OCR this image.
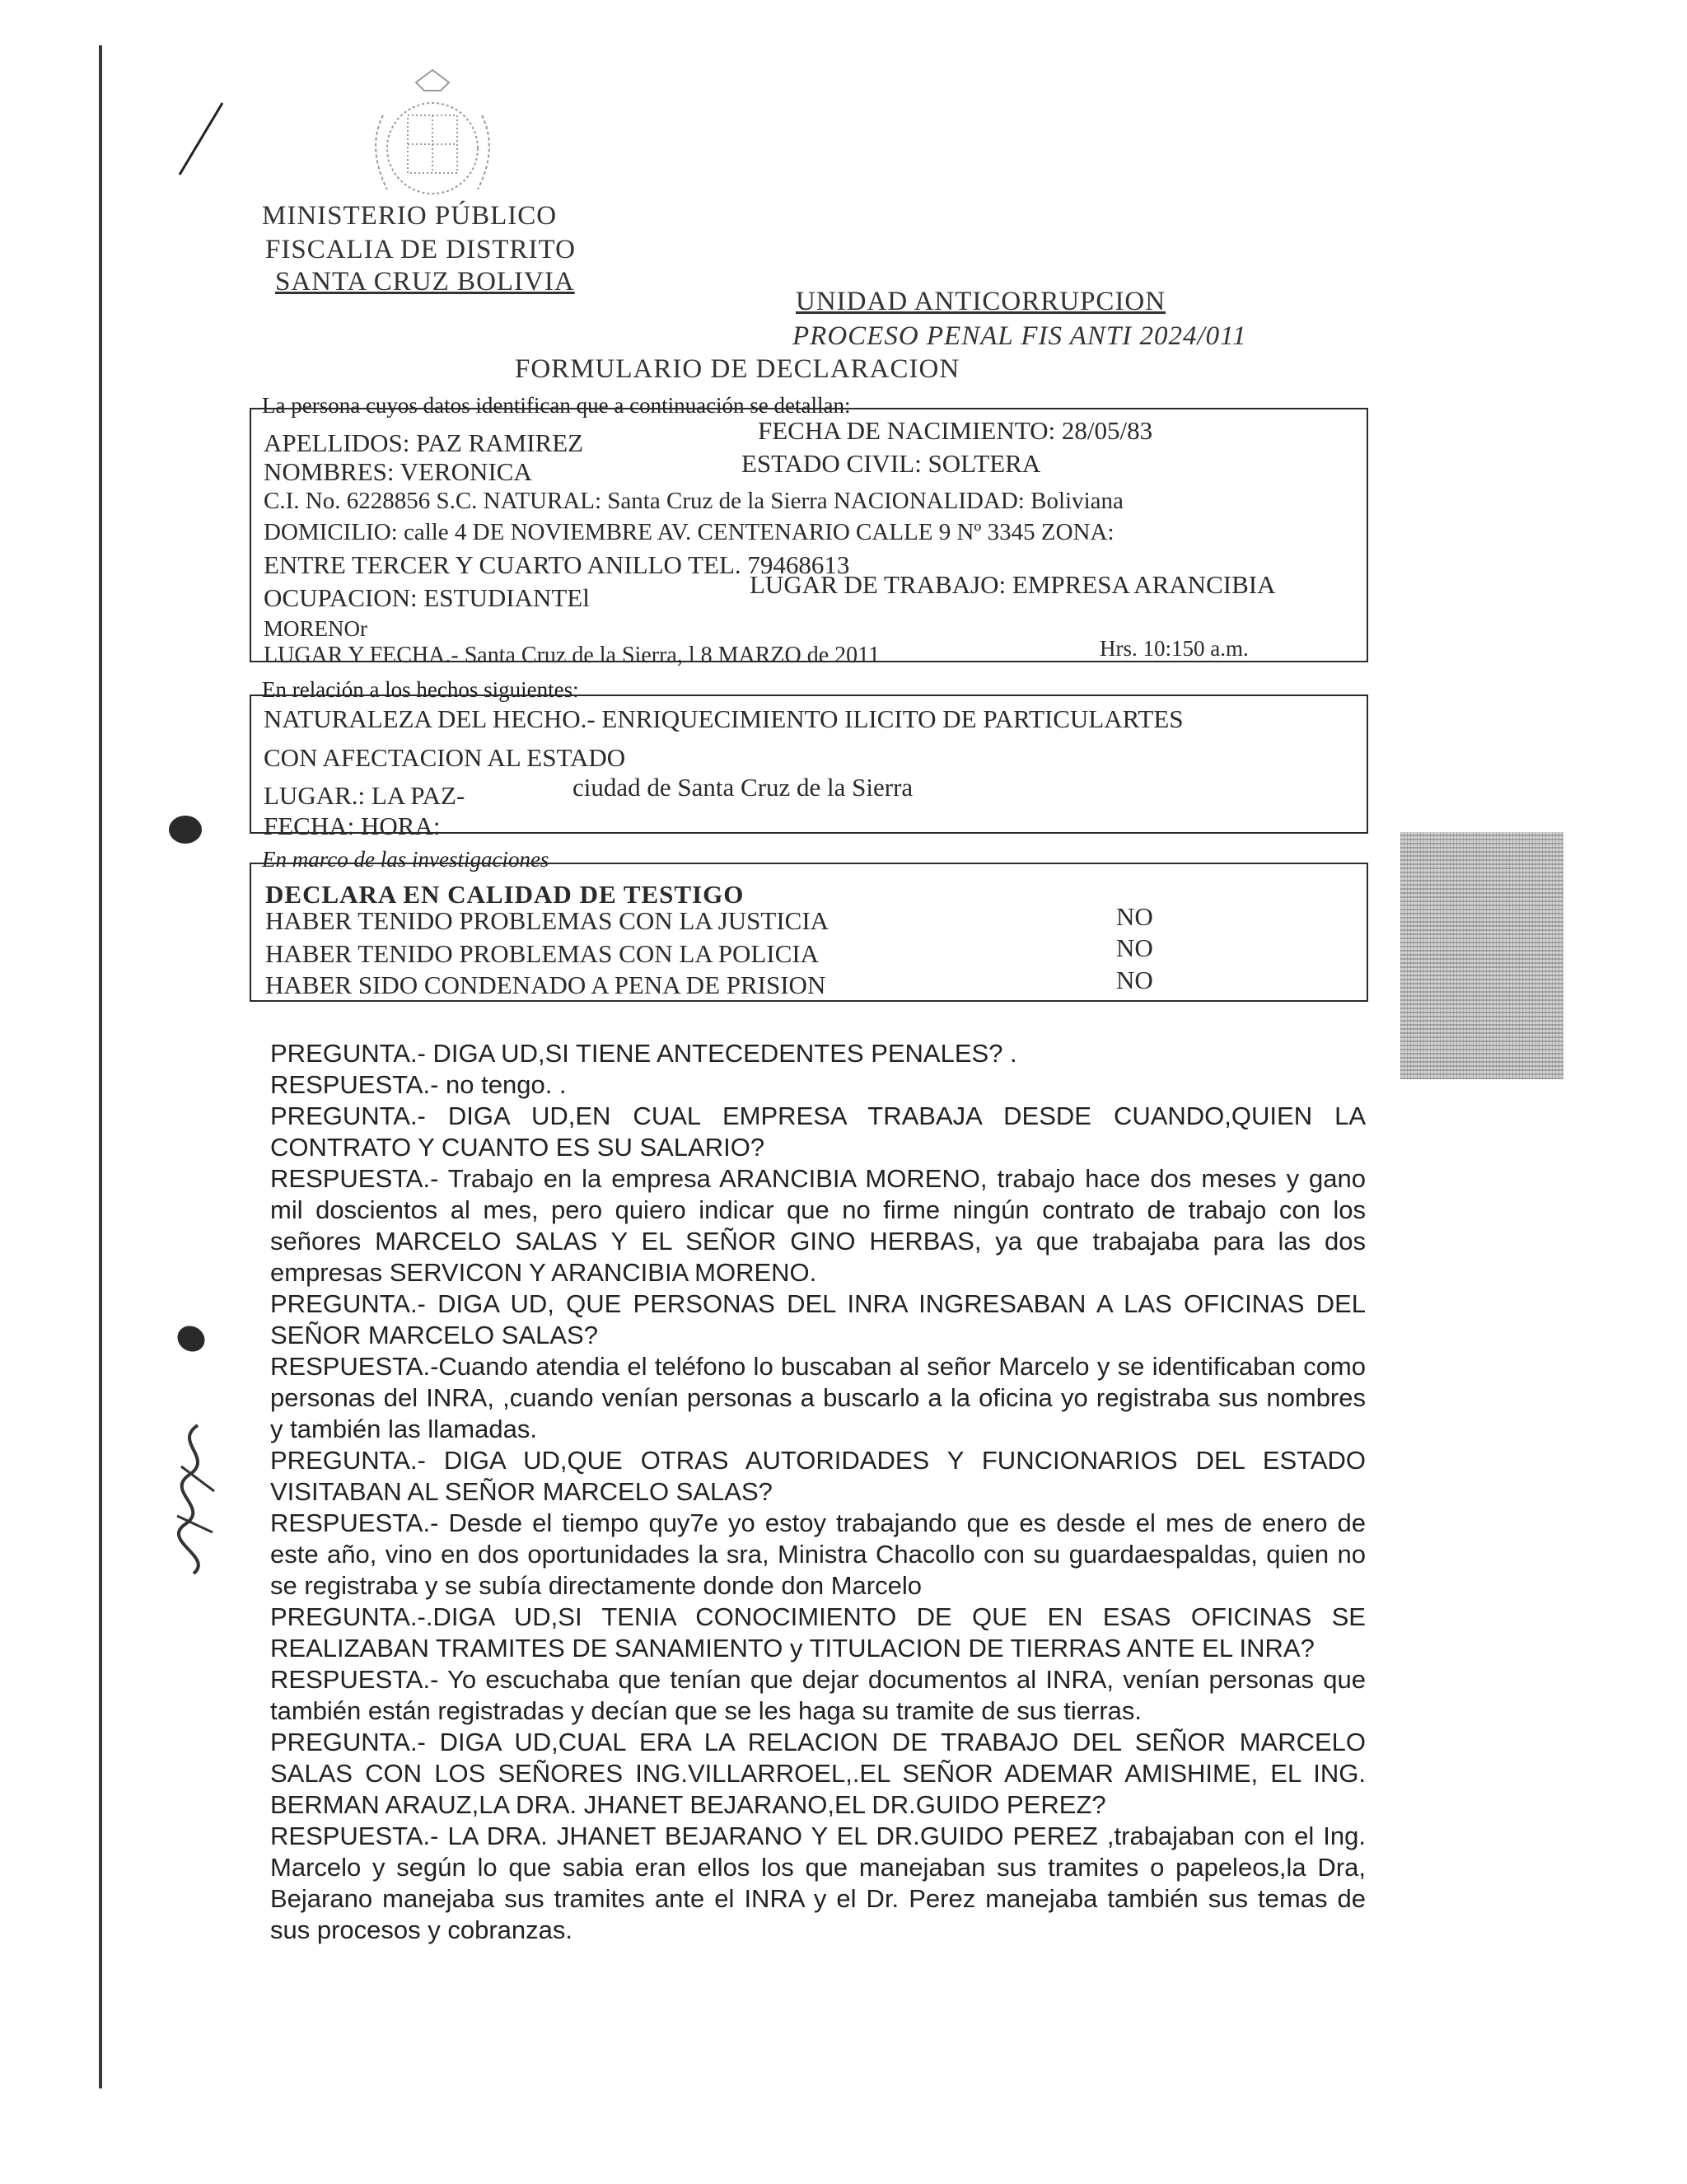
MINISTERIO PÚBLICO
FISCALIA DE DISTRITO
SANTA CRUZ BOLIVIA
UNIDAD ANTICORRUPCION
PROCESO PENAL FIS ANTI 2024/011
FORMULARIO DE DECLARACION
La persona cuyos datos identifican que a continuación se detallan:
APELLIDOS: PAZ RAMIREZ	FECHA DE NACIMIENTO: 28/05/83
NOMBRES: VERONICA	ESTADO CIVIL: SOLTERA
C.I. No. 6228856 S.C. NATURAL: Santa Cruz de la Sierra NACIONALIDAD: Boliviana
DOMICILIO: calle 4 DE NOVIEMBRE AV. CENTENARIO CALLE 9 Nº 3345 ZONA:
ENTRE TERCER Y CUARTO ANILLO TEL. 79468613
OCUPACION: ESTUDIANTEl	LUGAR DE TRABAJO: EMPRESA ARANCIBIA
MORENOr
LUGAR Y FECHA.- Santa Cruz de la Sierra, l 8 MARZO de 2011	Hrs. 10:150 a.m.
En relación a los hechos siguientes:
NATURALEZA DEL HECHO.- ENRIQUECIMIENTO ILICITO DE PARTICULARTES
CON AFECTACION AL ESTADO
LUGAR.: LA PAZ-	ciudad de Santa Cruz de la Sierra
FECHA: HORA:
En marco de las investigaciones
DECLARA EN CALIDAD DE TESTIGO
HABER TENIDO PROBLEMAS CON LA JUSTICIA	NO
HABER TENIDO PROBLEMAS CON LA POLICIA	NO
HABER SIDO CONDENADO A PENA DE PRISION	NO

PREGUNTA.- DIGA UD,SI TIENE ANTECEDENTES PENALES? .

RESPUESTA.- no tengo. .

PREGUNTA.- DIGA UD,EN CUAL EMPRESA TRABAJA DESDE CUANDO,QUIEN LA CONTRATO Y CUANTO ES SU SALARIO?

RESPUESTA.- Trabajo en la empresa ARANCIBIA MORENO, trabajo hace dos meses y gano mil doscientos al mes, pero quiero indicar que no firme ningún contrato de trabajo con los señores MARCELO SALAS Y EL SEÑOR GINO HERBAS, ya que trabajaba para las dos empresas SERVICON Y ARANCIBIA MORENO.

PREGUNTA.- DIGA UD, QUE PERSONAS DEL INRA INGRESABAN A LAS OFICINAS DEL SEÑOR MARCELO SALAS?

RESPUESTA.-Cuando atendia el teléfono lo buscaban al señor Marcelo y se identificaban como personas del INRA, ,cuando venían personas a buscarlo a la oficina yo registraba sus nombres y también las llamadas.

PREGUNTA.- DIGA UD,QUE OTRAS AUTORIDADES Y FUNCIONARIOS DEL ESTADO VISITABAN AL SEÑOR MARCELO SALAS?

RESPUESTA.- Desde el tiempo quy7e yo estoy trabajando que es desde el mes de enero de este año, vino en dos oportunidades la sra, Ministra Chacollo con su guardaespaldas, quien no se registraba y se subía directamente donde don Marcelo

PREGUNTA.-.DIGA UD,SI TENIA CONOCIMIENTO DE QUE EN ESAS OFICINAS SE REALIZABAN TRAMITES DE SANAMIENTO y TITULACION DE TIERRAS ANTE EL INRA?

RESPUESTA.- Yo escuchaba que tenían que dejar documentos al INRA, venían personas que también están registradas y decían que se les haga su tramite de sus tierras.

PREGUNTA.- DIGA UD,CUAL ERA LA RELACION DE TRABAJO DEL SEÑOR MARCELO SALAS CON LOS SEÑORES ING.VILLARROEL,.EL SEÑOR ADEMAR AMISHIME, EL ING. BERMAN ARAUZ,LA DRA. JHANET BEJARANO,EL DR.GUIDO PEREZ?

RESPUESTA.- LA DRA. JHANET BEJARANO Y EL DR.GUIDO PEREZ ,trabajaban con el Ing. Marcelo y según lo que sabia eran ellos los que manejaban sus tramites o papeleos,la Dra, Bejarano manejaba sus tramites ante el INRA y el Dr. Perez manejaba también sus temas de sus procesos y cobranzas.
